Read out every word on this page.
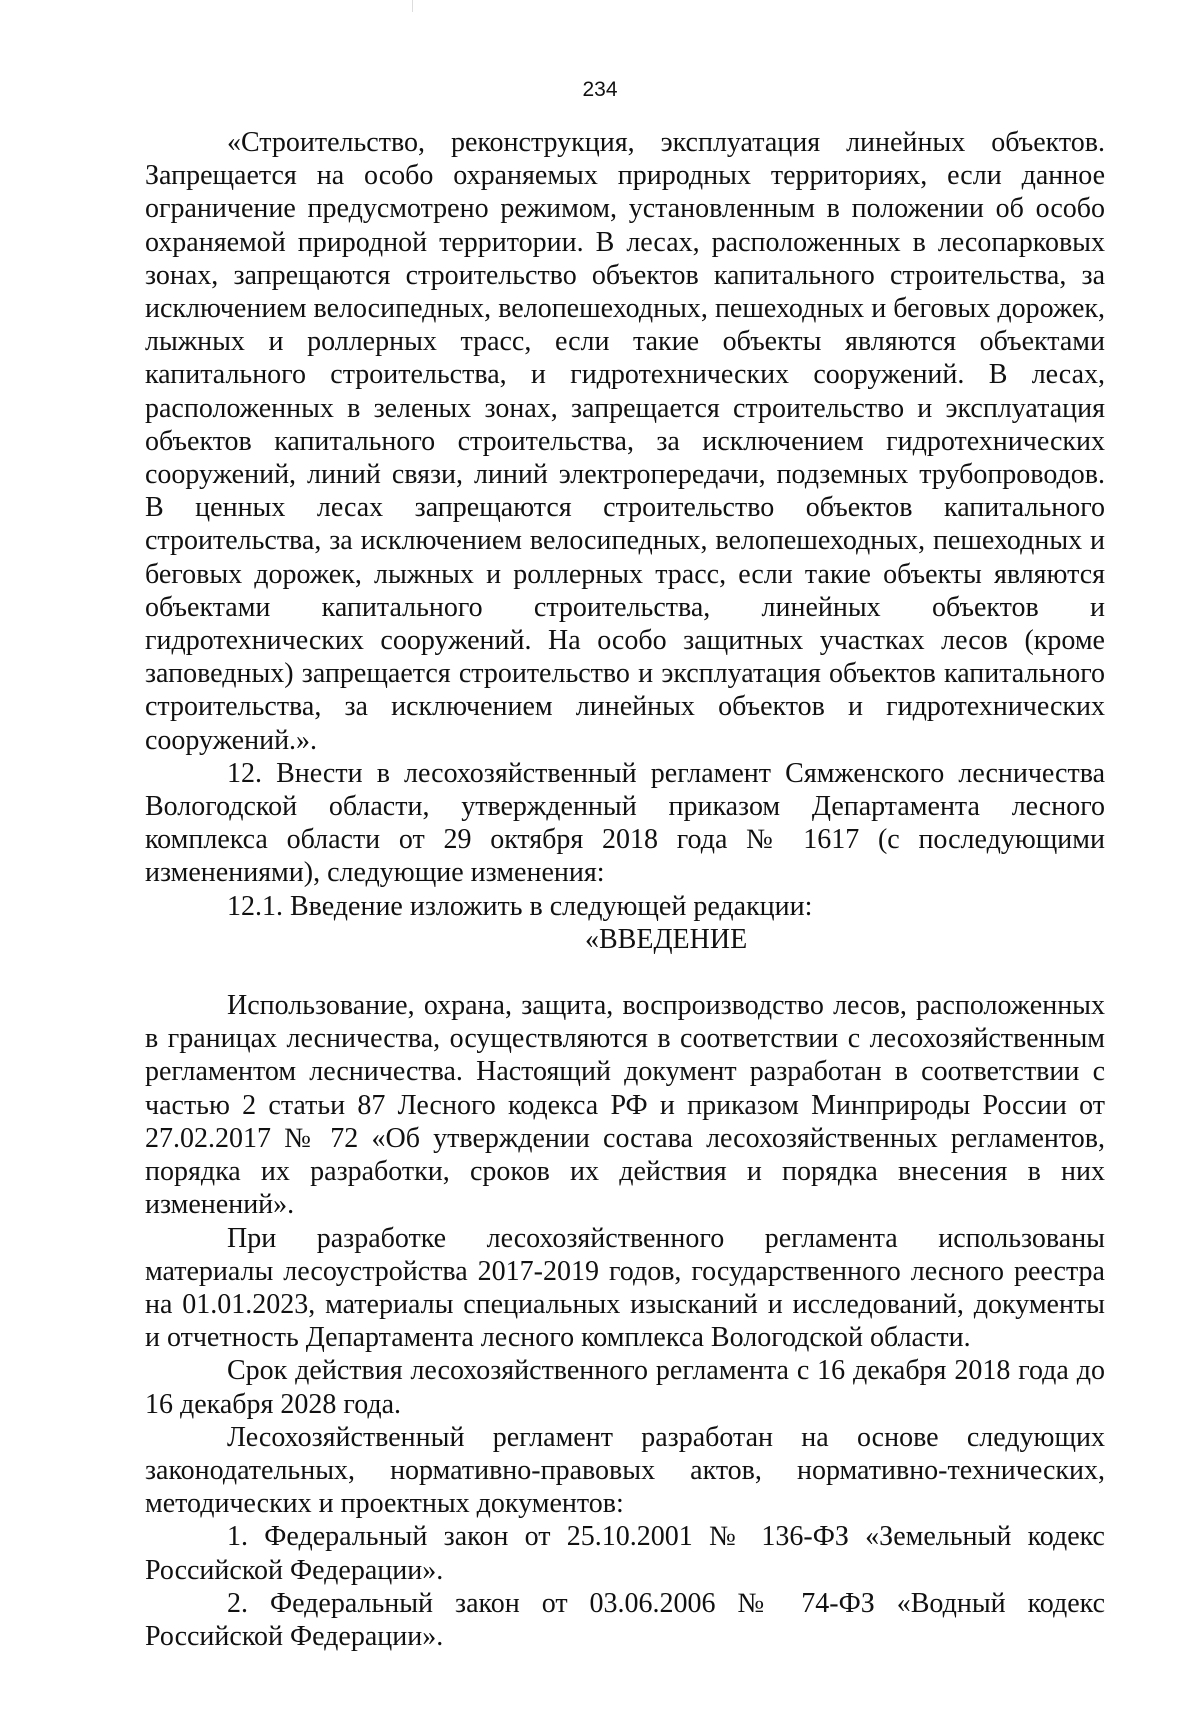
234

«Строительство, реконструкция, эксплуатация линейных объектов. Запрещается на особо охраняемых природных территориях, если данное ограничение предусмотрено режимом, установленным в положении об особо охраняемой природной территории. В лесах, расположенных в лесопарковых зонах, запрещаются строительство объектов капитального строительства, за исключением велосипедных, велопешеходных, пешеходных и беговых дорожек, лыжных и роллерных трасс, если такие объекты являются объектами капитального строительства, и гидротехнических сооружений. В лесах, расположенных в зеленых зонах, запрещается строительство и эксплуатация объектов капитального строительства, за исключением гидротехнических сооружений, линий связи, линий электропередачи, подземных трубопроводов. В ценных лесах запрещаются строительство объектов капитального строительства, за исключением велосипедных, велопешеходных, пешеходных и беговых дорожек, лыжных и роллерных трасс, если такие объекты являются объектами капитального строительства, линейных объектов и гидротехнических сооружений. На особо защитных участках лесов (кроме заповедных) запрещается строительство и эксплуатация объектов капитального строительства, за исключением линейных объектов и гидротехнических сооружений.».

12. Внести в лесохозяйственный регламент Сямженского лесничества Вологодской области, утвержденный приказом Департамента лесного комплекса области от 29 октября 2018 года № 1617 (с последующими изменениями), следующие изменения:

12.1. Введение изложить в следующей редакции:

«ВВЕДЕНИЕ

Использование, охрана, защита, воспроизводство лесов, расположенных в границах лесничества, осуществляются в соответствии с лесохозяйственным регламентом лесничества. Настоящий документ разработан в соответствии с частью 2 статьи 87 Лесного кодекса РФ и приказом Минприроды России от 27.02.2017 № 72 «Об утверждении состава лесохозяйственных регламентов, порядка их разработки, сроков их действия и порядка внесения в них изменений».

При разработке лесохозяйственного регламента использованы материалы лесоустройства 2017-2019 годов, государственного лесного реестра на 01.01.2023, материалы специальных изысканий и исследований, документы и отчетность Департамента лесного комплекса Вологодской области.

Срок действия лесохозяйственного регламента с 16 декабря 2018 года до 16 декабря 2028 года.

Лесохозяйственный регламент разработан на основе следующих законодательных, нормативно-правовых актов, нормативно-технических, методических и проектных документов:

1. Федеральный закон от 25.10.2001 № 136-ФЗ «Земельный кодекс Российской Федерации».

2. Федеральный закон от 03.06.2006 № 74-ФЗ «Водный кодекс Российской Федерации».
